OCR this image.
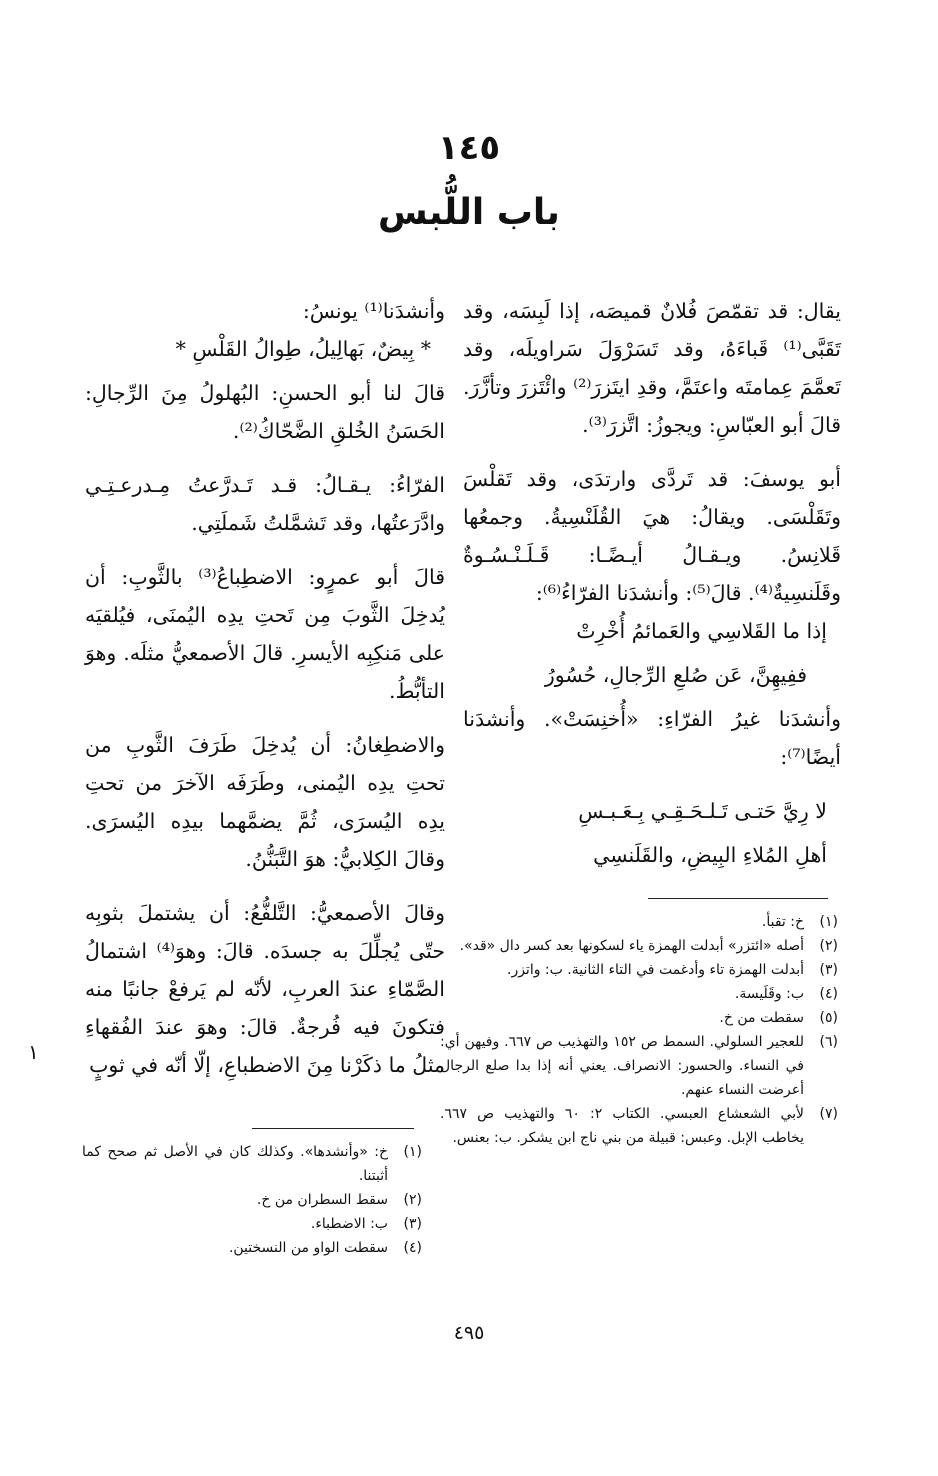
١٤٥
باب اللُّبس

يقال: قد تقمّصَ فُلانٌ قميصَه، إذا لَبِسَه، وقد تَقَبَّى⁽¹⁾ قَباءَهُ، وقد تَسَرْوَلَ سَراويلَه، وقد تَعمَّمَ عِمامتَه واعتَمَّ، وقدِ ايتَزرَ⁽²⁾ وائْتَزرَ وتأزَّرَ. قالَ أبو العبّاسِ: ويجوزُ: اتَّزرَ⁽³⁾.

أبو يوسفَ: قد تَردَّى وارتدَى، وقد تَقلْسَ وتَقَلْسَى. ويقالُ: هيَ القُلَنْسِيةُ. وجمعُها قَلانِسُ. ويـقـالُ أيـضًـا: قَـلَـنْـسُـوةٌ وقَلَنسِيةٌ⁽⁴⁾. قالَ⁽⁵⁾: وأنشدَنا الفرّاءُ⁽⁶⁾:

إذا ما القَلاسِي والعَمائمُ أُخْرِتْ

ففِيهِنَّ، عَن صُلعِ الرِّجالِ، حُسُورُ

وأنشدَنا غيرُ الفرّاءِ: «أُخنِسَتْ». وأنشدَنا أيضًا⁽⁷⁾:

لا رِيَّ حَتـى تَـلـحَـقِـي بِـعَـبـسِ

أهلِ المُلاءِ البِيضِ، والقَلَنسِي

وأنشدَنا⁽¹⁾ يونسُ:

* بِيضٌ، بَهالِيلُ، طِوالُ القَلْسِ *

قالَ لنا أبو الحسنِ: البُهلولُ مِنَ الرِّجالِ: الحَسَنُ الخُلقِ الضَّحّاكُ⁽²⁾.

الفرّاءُ: يـقـالُ: قـد تَـدرَّعتُ مِـدرعـتِـي وادَّرَعتُها، وقد تَشمَّلتُ شَملَتِي.

قالَ أبو عمرٍو: الاضطِباعُ⁽³⁾ بالثَّوبِ: أن يُدخِلَ الثَّوبَ مِن تَحتِ يدِه اليُمنَى، فيُلقيَه على مَنكِبِه الأيسرِ. قالَ الأصمعيُّ مثلَه. وهوَ التأبُّطُ.

والاضطِغانُ: أن يُدخِلَ طَرَفَ الثَّوبِ من تحتِ يدِه اليُمنى، وطَرَفَه الآخرَ من تحتِ يدِه اليُسرَى، ثُمَّ يضمَّهما بيدِه اليُسرَى. وقالَ الكِلابيُّ: هوَ التَّبَنُّنُ.

وقالَ الأصمعيُّ: التَّلفُّعُ: أن يشتملَ بثوبِه حتّى يُجلِّلَ به جسدَه. قالَ: وهوَ⁽⁴⁾ اشتمالُ الصَّمّاءِ عندَ العربِ، لأنّه لم يَرفعْ جانبًا منه فتكونَ فيه فُرجةٌ. قالَ: وهوَ عندَ الفُقهاءِ مثلُ ما ذكَرْنا مِنَ الاضطباعِ، إلّا أنّه في ثوبٍ

١
(١)
خ: تقبأ.
(٢)
أصله «ائتزر» أبدلت الهمزة ياء لسكونها بعد كسر دال «قد».
(٣)
أبدلت الهمزة تاء وأدغمت في التاء الثانية. ب: واتزر.
(٤)
ب: وقَلَيسة.
(٥)
سقطت من خ.
(٦)
للعجير السلولي. السمط ص ١٥٢ والتهذيب ص ٦٦٧. وفيهن أي: في النساء. والحسور: الانصراف. يعني أنه إذا بدا صلع الرجال أعرضت النساء عنهم.
(٧)
لأبي الشعشاع العبسي. الكتاب ٢: ٦٠ والتهذيب ص ٦٦٧. يخاطب الإبل. وعبس: قبيلة من بني ناج ابن يشكر. ب: بعنس.
(١)
خ: «وأنشدها». وكذلك كان في الأصل ثم صحح كما أثبتنا.
(٢)
سقط السطران من خ.
(٣)
ب: الاضطباء.
(٤)
سقطت الواو من النسختين.
٤٩٥
